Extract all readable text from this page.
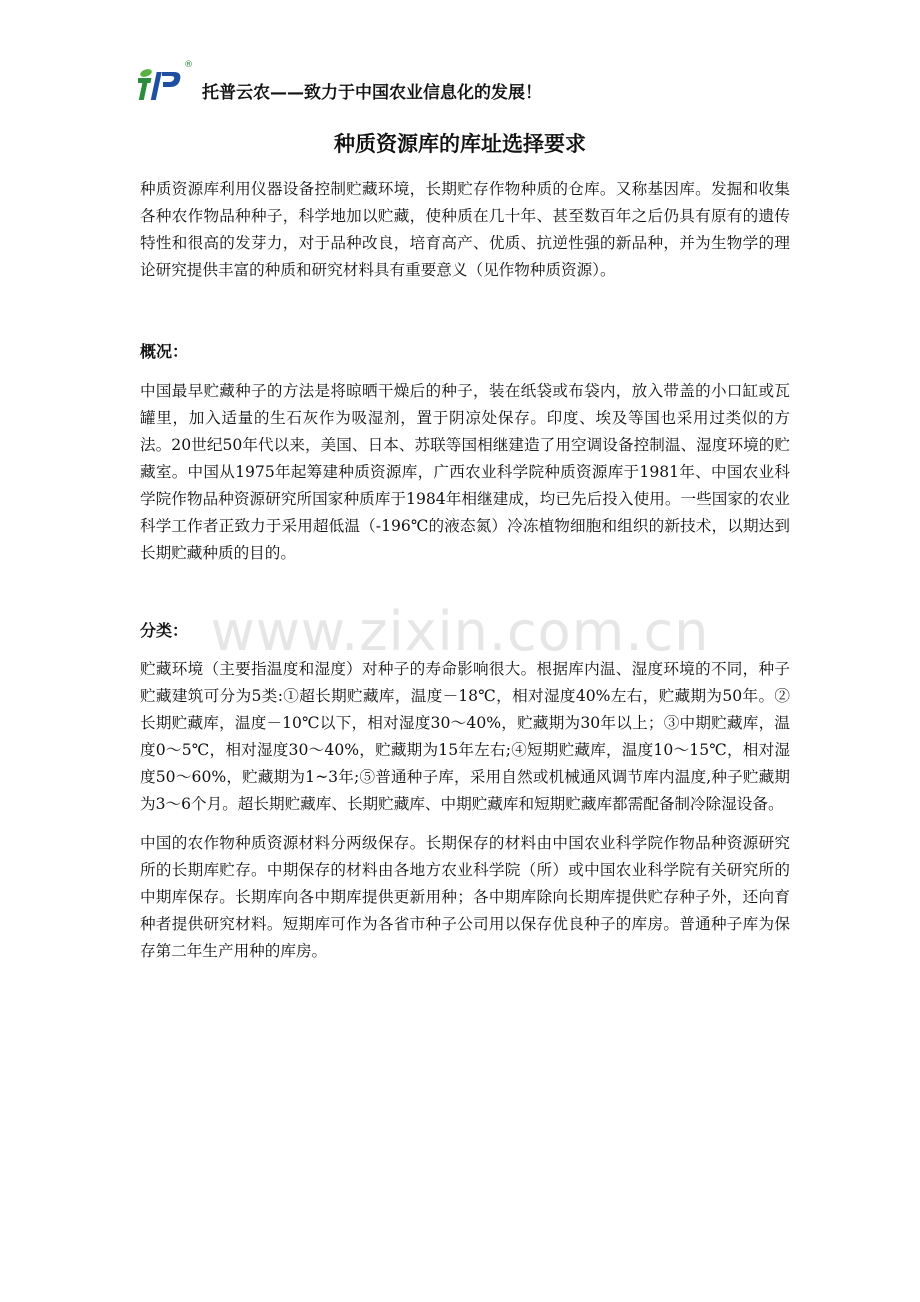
®
托普云农——致力于中国农业信息化的发展！
种质资源库的库址选择要求

种质资源库利用仪器设备控制贮藏环境，长期贮存作物种质的仓库。又称基因库。发掘和收集各种农作物品种种子，科学地加以贮藏，使种质在几十年、甚至数百年之后仍具有原有的遗传特性和很高的发芽力，对于品种改良，培育高产、优质、抗逆性强的新品种，并为生物学的理论研究提供丰富的种质和研究材料具有重要意义（见作物种质资源）。

概况：

中国最早贮藏种子的方法是将晾晒干燥后的种子，装在纸袋或布袋内，放入带盖的小口缸或瓦罐里，加入适量的生石灰作为吸湿剂，置于阴凉处保存。印度、埃及等国也采用过类似的方法。20世纪50年代以来，美国、日本、苏联等国相继建造了用空调设备控制温、湿度环境的贮藏室。中国从1975年起筹建种质资源库，广西农业科学院种质资源库于1981年、中国农业科学院作物品种资源研究所国家种质库于1984年相继建成，均已先后投入使用。一些国家的农业科学工作者正致力于采用超低温（-196℃的液态氮）冷冻植物细胞和组织的新技术，以期达到长期贮藏种质的目的。

分类：

贮藏环境（主要指温度和湿度）对种子的寿命影响很大。根据库内温、湿度环境的不同，种子贮藏建筑可分为5类:①超长期贮藏库，温度－18℃，相对湿度40%左右，贮藏期为50年。②长期贮藏库，温度－10℃以下，相对湿度30～40%，贮藏期为30年以上；③中期贮藏库，温度0～5℃，相对湿度30～40%，贮藏期为15年左右;④短期贮藏库，温度10～15℃，相对湿度50～60%，贮藏期为1~3年;⑤普通种子库，采用自然或机械通风调节库内温度,种子贮藏期为3～6个月。超长期贮藏库、长期贮藏库、中期贮藏库和短期贮藏库都需配备制冷除湿设备。

中国的农作物种质资源材料分两级保存。长期保存的材料由中国农业科学院作物品种资源研究所的长期库贮存。中期保存的材料由各地方农业科学院（所）或中国农业科学院有关研究所的中期库保存。长期库向各中期库提供更新用种；各中期库除向长期库提供贮存种子外，还向育种者提供研究材料。短期库可作为各省市种子公司用以保存优良种子的库房。普通种子库为保存第二年生产用种的库房。

www.zixin.com.cn
